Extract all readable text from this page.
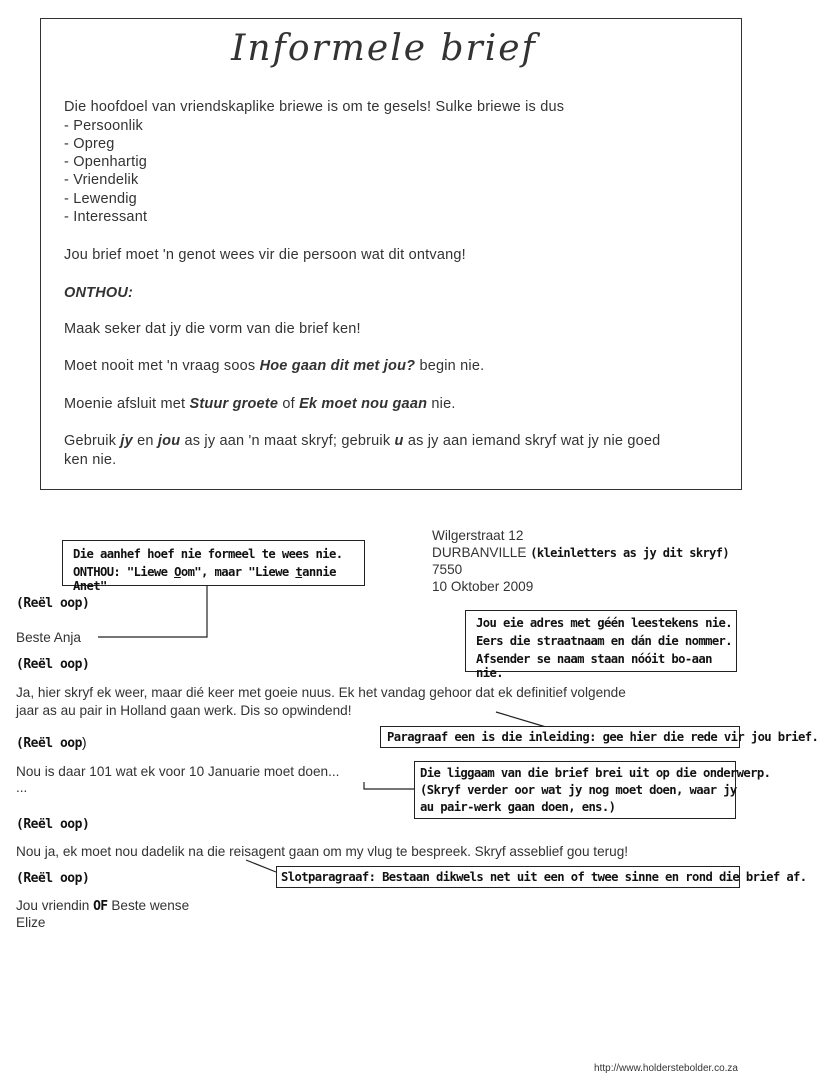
Informele brief
Die hoofdoel van vriendskaplike briewe is om te gesels! Sulke briewe is dus
- Persoonlik
- Opreg
- Openhartig
- Vriendelik
- Lewendig
- Interessant
Jou brief moet 'n genot wees vir die persoon wat dit ontvang!
ONTHOU:
Maak seker dat jy die vorm van die brief ken!
Moet nooit met 'n vraag soos Hoe gaan dit met jou? begin nie.
Moenie afsluit met Stuur groete of Ek moet nou gaan nie.
Gebruik jy en jou as jy aan 'n maat skryf; gebruik u as jy aan iemand skryf wat jy nie goed
ken nie.
Wilgerstraat 12
DURBANVILLE (kleinletters as jy dit skryf)
7550
10 Oktober 2009
Die aanhef hoef nie formeel te wees nie.
ONTHOU: "Liewe Oom", maar "Liewe tannie Anet"
Jou eie adres met géén leestekens nie.
Eers die straatnaam en dán die nommer.
Afsender se naam staan nóóit bo-aan nie.
(Reël oop)
Beste Anja
(Reël oop)
Ja, hier skryf ek weer, maar dié keer met goeie nuus. Ek het vandag gehoor dat ek definitief volgende
jaar as au pair in Holland gaan werk. Dis so opwindend!
Paragraaf een is die inleiding: gee hier die rede vir jou brief.
(Reël oop)
Nou is daar 101 wat ek voor 10 Januarie moet doen...
...
Die liggaam van die brief brei uit op die onderwerp.
(Skryf verder oor wat jy nog moet doen, waar jy
au pair-werk gaan doen, ens.)
(Reël oop)
Nou ja, ek moet nou dadelik na die reisagent gaan om my vlug te bespreek. Skryf asseblief gou terug!
(Reël oop)	Slotparagraaf: Bestaan dikwels net uit een of twee sinne en rond die brief af.
Jou vriendin OF Beste wense
Elize
http://www.holderstebolder.co.za
